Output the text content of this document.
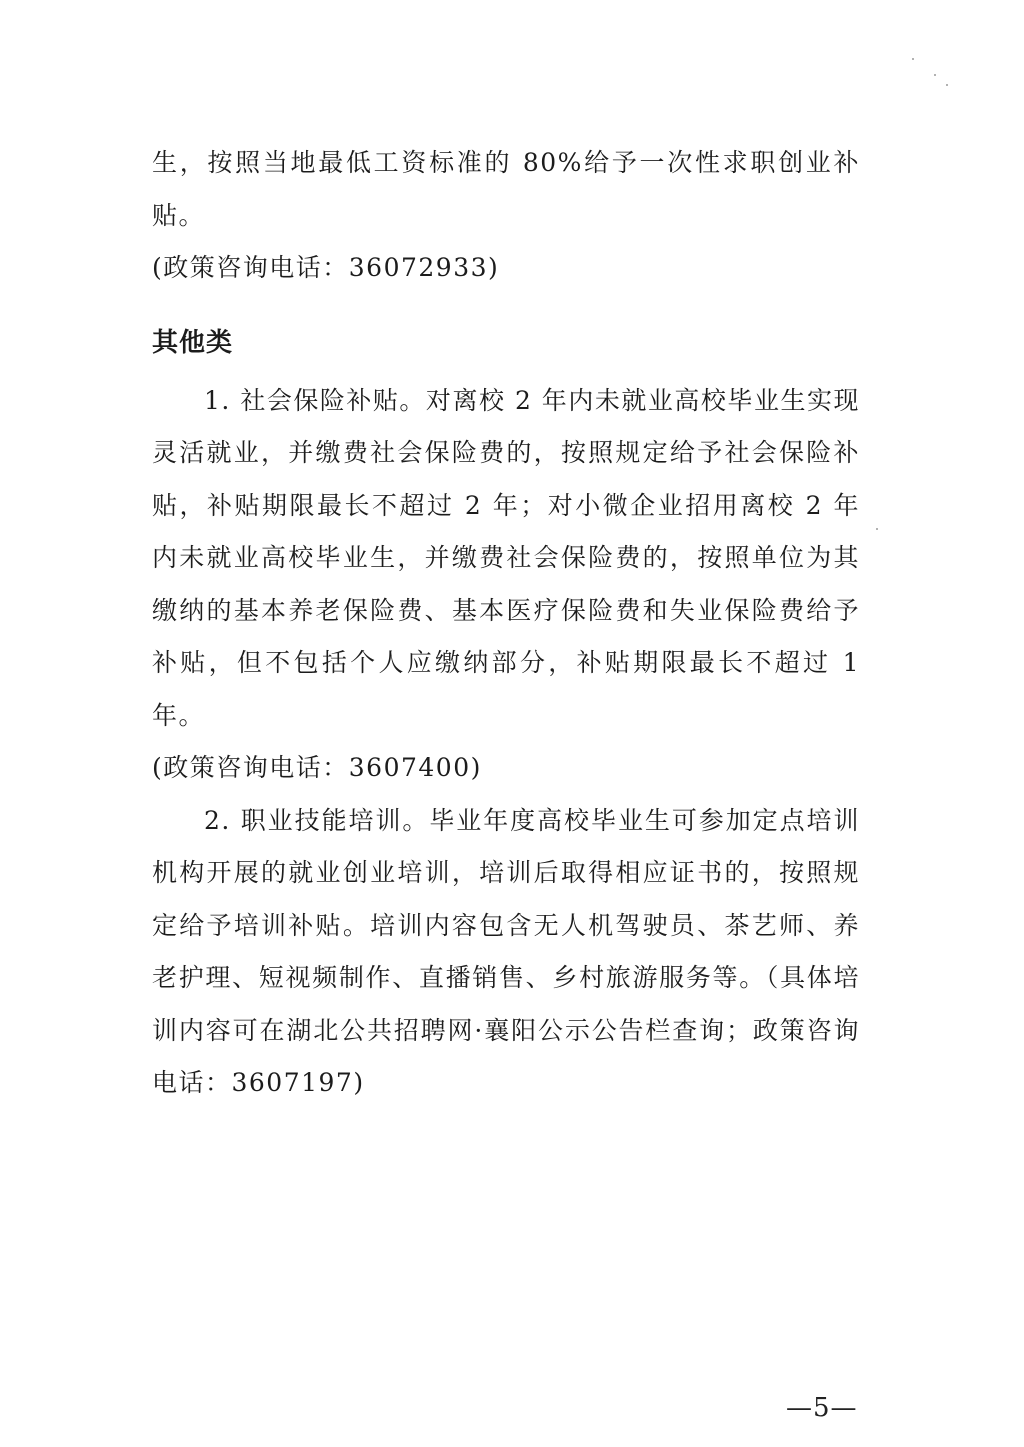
生，按照当地最低工资标准的 80%给予一次性求职创业补贴。

(政策咨询电话：36072933)

其他类

1. 社会保险补贴。对离校 2 年内未就业高校毕业生实现灵活就业，并缴费社会保险费的，按照规定给予社会保险补贴，补贴期限最长不超过 2 年；对小微企业招用离校 2 年内未就业高校毕业生，并缴费社会保险费的，按照单位为其缴纳的基本养老保险费、基本医疗保险费和失业保险费给予补贴，但不包括个人应缴纳部分，补贴期限最长不超过 1 年。

(政策咨询电话：3607400)

2. 职业技能培训。毕业年度高校毕业生可参加定点培训机构开展的就业创业培训，培训后取得相应证书的，按照规定给予培训补贴。培训内容包含无人机驾驶员、茶艺师、养老护理、短视频制作、直播销售、乡村旅游服务等。（具体培训内容可在湖北公共招聘网·襄阳公示公告栏查询；政策咨询电话：3607197)

—5—
